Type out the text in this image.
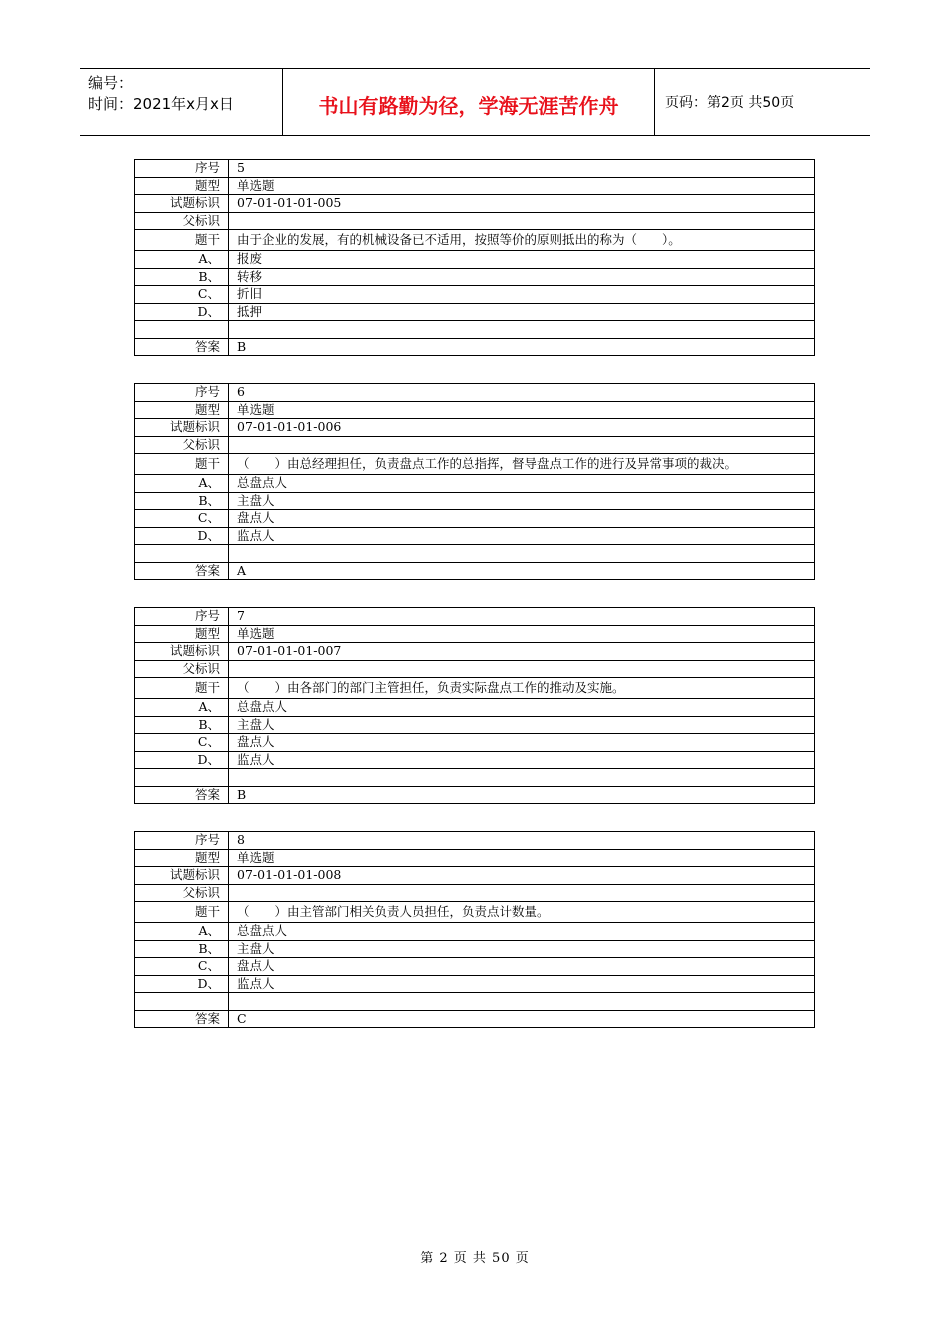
编号：
时间：2021年x月x日	书山有路勤为径，学海无涯苦作舟	页码：第2页 共50页
序号	5
题型	单选题
试题标识	07-01-01-01-005
父标识	
题干	由于企业的发展，有的机械设备已不适用，按照等价的原则抵出的称为（　　）。
A、	报废
B、	转移
C、	折旧
D、	抵押

答案	B
序号	6
题型	单选题
试题标识	07-01-01-01-006
父标识	
题干	（　　）由总经理担任，负责盘点工作的总指挥，督导盘点工作的进行及异常事项的裁决。
A、	总盘点人
B、	主盘人
C、	盘点人
D、	监点人

答案	A
序号	7
题型	单选题
试题标识	07-01-01-01-007
父标识	
题干	（　　）由各部门的部门主管担任，负责实际盘点工作的推动及实施。
A、	总盘点人
B、	主盘人
C、	盘点人
D、	监点人

答案	B
序号	8
题型	单选题
试题标识	07-01-01-01-008
父标识	
题干	（　　）由主管部门相关负责人员担任，负责点计数量。
A、	总盘点人
B、	主盘人
C、	盘点人
D、	监点人

答案	C
第 2 页 共 50 页
